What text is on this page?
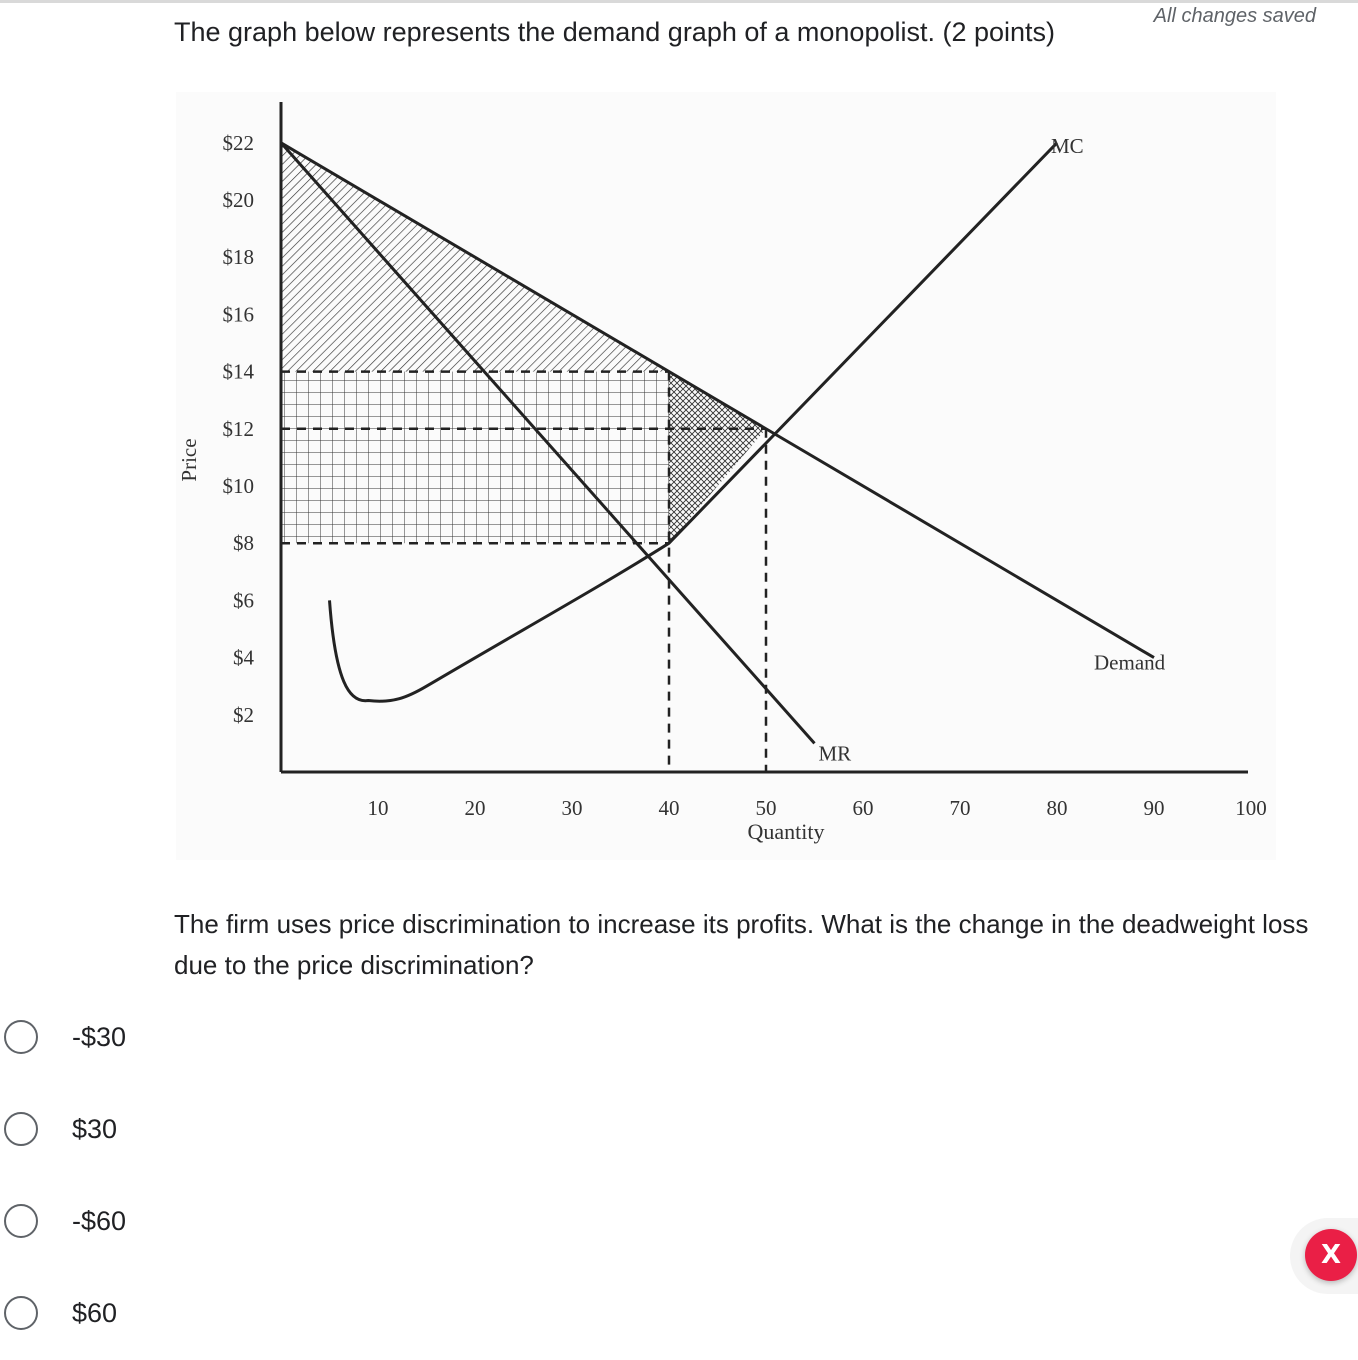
All changes saved
The graph below represents the demand graph of a monopolist. (2 points)
10	20	30	40	50	60	70	80	90	100
$2
$4
$6
$8
$10
$12
$14
$16
$18
$20
$22
Quantity
Price
Demand
MR
MC
The firm uses price discrimination to increase its profits. What is the change in the deadweight loss due to the price discrimination?
-$30
$30
-$60
$60
X
